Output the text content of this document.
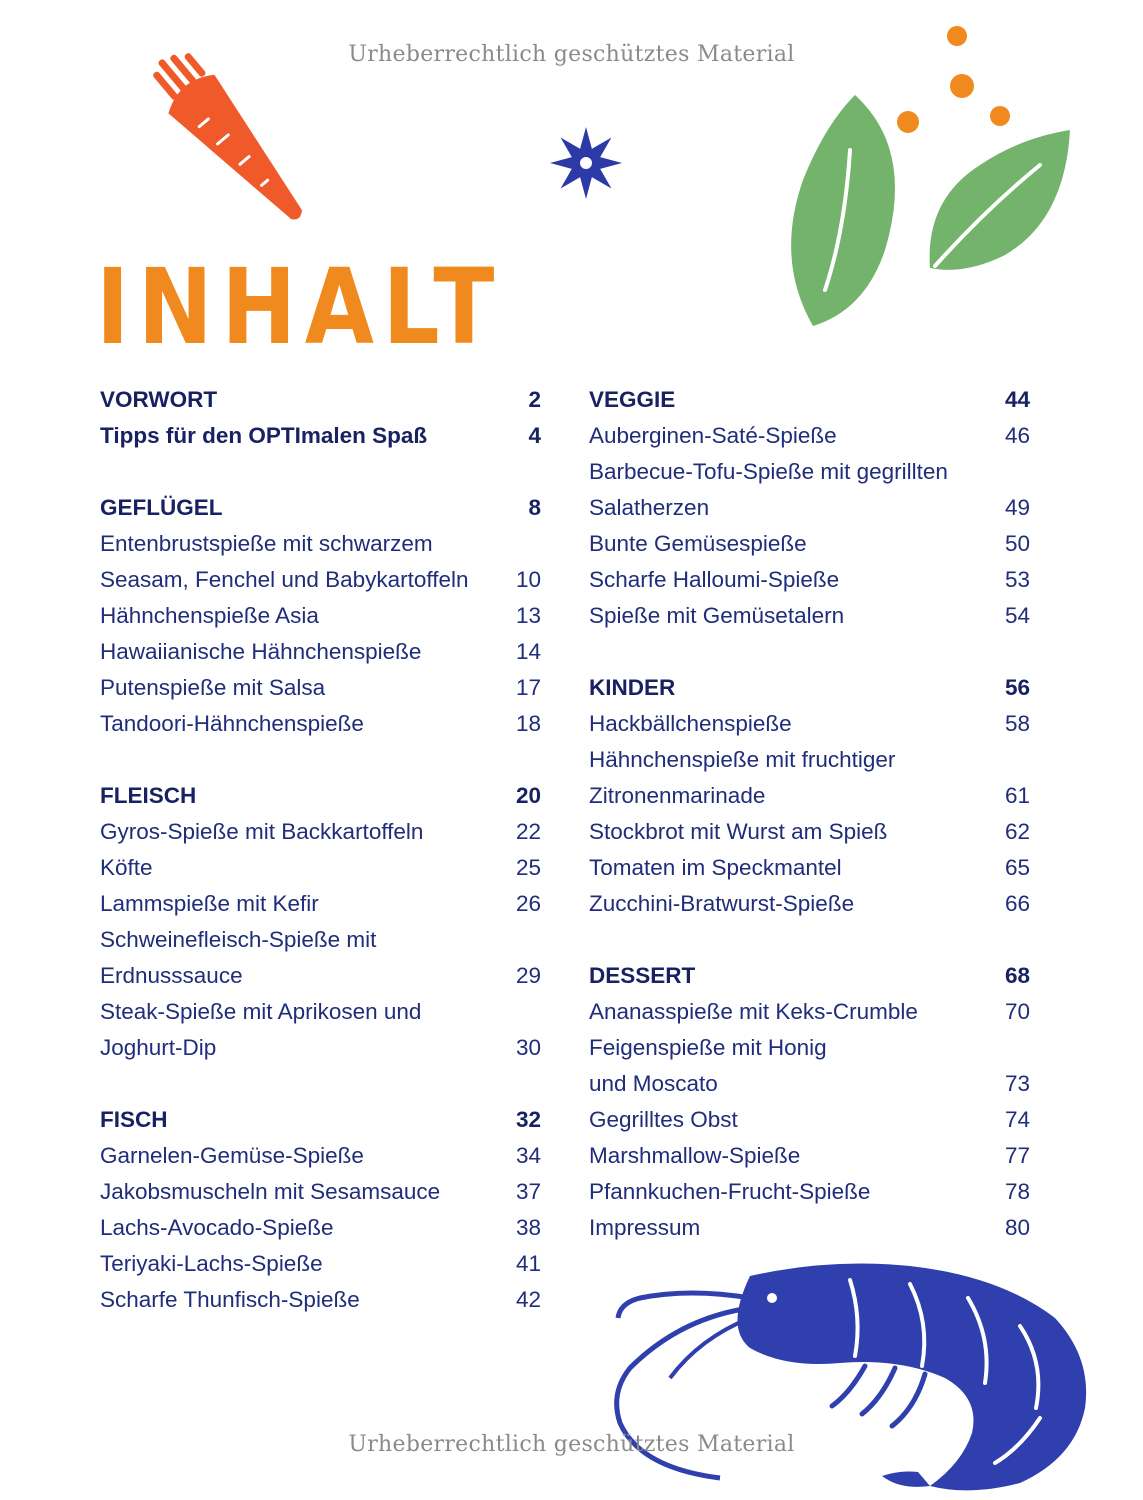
Urheberrechtlich geschütztes Material
INHALT
VORWORT	2
Tipps für den OPTImalen Spaß	4
GEFLÜGEL	8
Entenbrustspieße mit schwarzem
Seasam, Fenchel und Babykartoffeln 10
Hähnchenspieße Asia	13
Hawaiianische Hähnchenspieße	14
Putenspieße mit Salsa	17
Tandoori-Hähnchenspieße	18
FLEISCH	20
Gyros-Spieße mit Backkartoffeln	22
Köfte	25
Lammspieße mit Kefir	26
Schweinefleisch-Spieße mit
Erdnusssauce	29
Steak-Spieße mit Aprikosen und
Joghurt-Dip	30
FISCH	32
Garnelen-Gemüse-Spieße	34
Jakobsmuscheln mit Sesamsauce	37
Lachs-Avocado-Spieße	38
Teriyaki-Lachs-Spieße	41
Scharfe Thunfisch-Spieße	42
VEGGIE	44
Auberginen-Saté-Spieße	46
Barbecue-Tofu-Spieße mit gegrillten
Salatherzen	49
Bunte Gemüsespieße	50
Scharfe Halloumi-Spieße	53
Spieße mit Gemüsetalern	54
KINDER	56
Hackbällchenspieße	58
Hähnchenspieße mit fruchtiger
Zitronenmarinade	61
Stockbrot mit Wurst am Spieß	62
Tomaten im Speckmantel	65
Zucchini-Bratwurst-Spieße	66
DESSERT	68
Ananasspieße mit Keks-Crumble	70
Feigenspieße mit Honig
und Moscato	73
Gegrilltes Obst	74
Marshmallow-Spieße	77
Pfannkuchen-Frucht-Spieße	78
Impressum	80
Urheberrechtlich geschütztes Material
